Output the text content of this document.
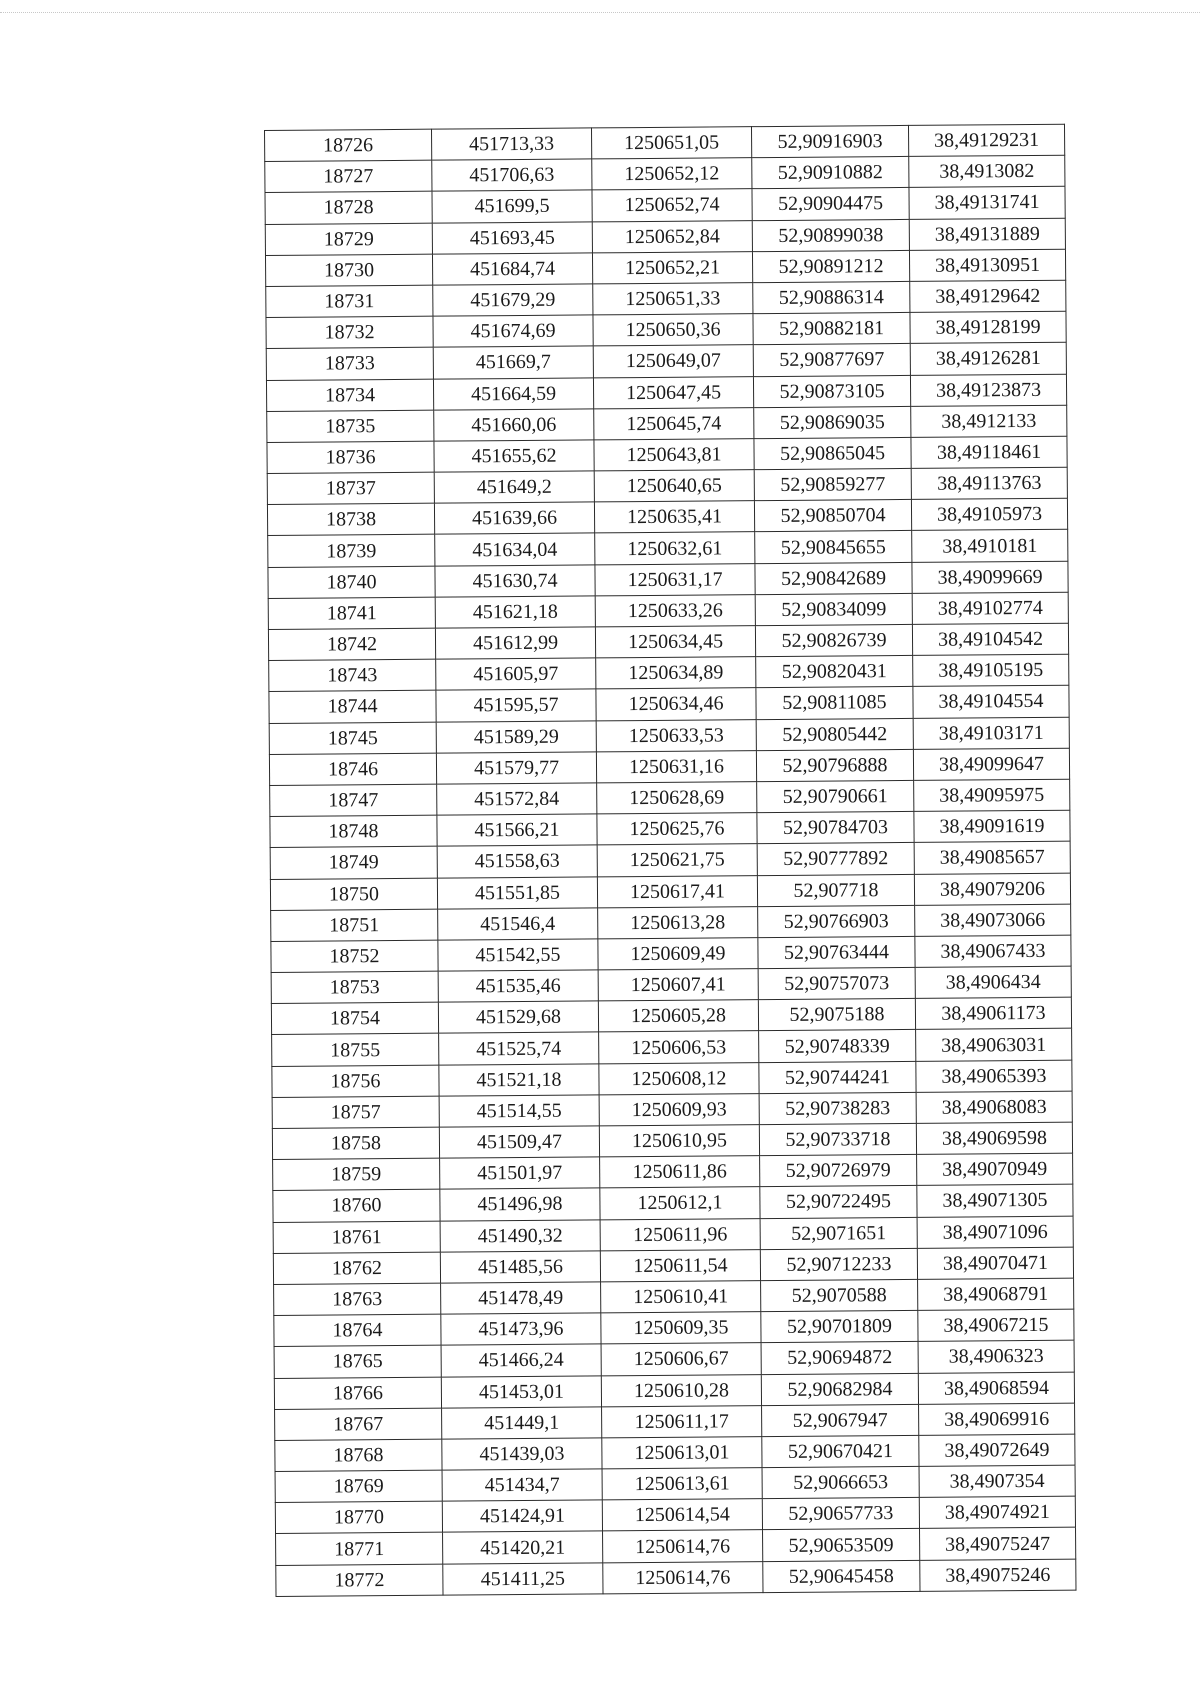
18726	451713,33	1250651,05	52,90916903	38,49129231
18727	451706,63	1250652,12	52,90910882	38,4913082
18728	451699,5	1250652,74	52,90904475	38,49131741
18729	451693,45	1250652,84	52,90899038	38,49131889
18730	451684,74	1250652,21	52,90891212	38,49130951
18731	451679,29	1250651,33	52,90886314	38,49129642
18732	451674,69	1250650,36	52,90882181	38,49128199
18733	451669,7	1250649,07	52,90877697	38,49126281
18734	451664,59	1250647,45	52,90873105	38,49123873
18735	451660,06	1250645,74	52,90869035	38,4912133
18736	451655,62	1250643,81	52,90865045	38,49118461
18737	451649,2	1250640,65	52,90859277	38,49113763
18738	451639,66	1250635,41	52,90850704	38,49105973
18739	451634,04	1250632,61	52,90845655	38,4910181
18740	451630,74	1250631,17	52,90842689	38,49099669
18741	451621,18	1250633,26	52,90834099	38,49102774
18742	451612,99	1250634,45	52,90826739	38,49104542
18743	451605,97	1250634,89	52,90820431	38,49105195
18744	451595,57	1250634,46	52,90811085	38,49104554
18745	451589,29	1250633,53	52,90805442	38,49103171
18746	451579,77	1250631,16	52,90796888	38,49099647
18747	451572,84	1250628,69	52,90790661	38,49095975
18748	451566,21	1250625,76	52,90784703	38,49091619
18749	451558,63	1250621,75	52,90777892	38,49085657
18750	451551,85	1250617,41	52,907718	38,49079206
18751	451546,4	1250613,28	52,90766903	38,49073066
18752	451542,55	1250609,49	52,90763444	38,49067433
18753	451535,46	1250607,41	52,90757073	38,4906434
18754	451529,68	1250605,28	52,9075188	38,49061173
18755	451525,74	1250606,53	52,90748339	38,49063031
18756	451521,18	1250608,12	52,90744241	38,49065393
18757	451514,55	1250609,93	52,90738283	38,49068083
18758	451509,47	1250610,95	52,90733718	38,49069598
18759	451501,97	1250611,86	52,90726979	38,49070949
18760	451496,98	1250612,1	52,90722495	38,49071305
18761	451490,32	1250611,96	52,9071651	38,49071096
18762	451485,56	1250611,54	52,90712233	38,49070471
18763	451478,49	1250610,41	52,9070588	38,49068791
18764	451473,96	1250609,35	52,90701809	38,49067215
18765	451466,24	1250606,67	52,90694872	38,4906323
18766	451453,01	1250610,28	52,90682984	38,49068594
18767	451449,1	1250611,17	52,9067947	38,49069916
18768	451439,03	1250613,01	52,90670421	38,49072649
18769	451434,7	1250613,61	52,9066653	38,4907354
18770	451424,91	1250614,54	52,90657733	38,49074921
18771	451420,21	1250614,76	52,90653509	38,49075247
18772	451411,25	1250614,76	52,90645458	38,49075246
